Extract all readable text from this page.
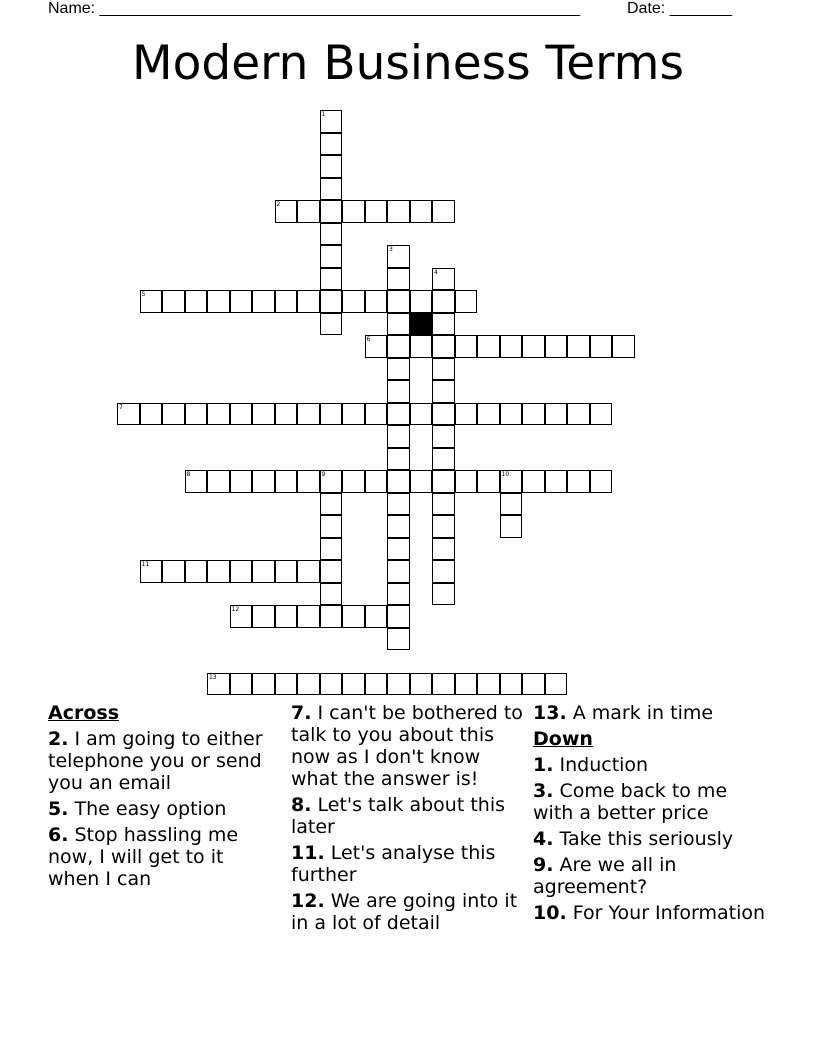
Name: ______________________________________________________	Date: _______
Modern Business Terms
1
2
3
4
5
6
7
8	9	10
11
12
13
Across
2. I am going to either telephone you or send you an email
5. The easy option
6. Stop hassling me now, I will get to it when I can
7. I can't be bothered to talk to you about this now as I don't know what the answer is!
8. Let's talk about this later
11. Let's analyse this further
12. We are going into it in a lot of detail
13. A mark in time
Down
1. Induction
3. Come back to me with a better price
4. Take this seriously
9. Are we all in agreement?
10. For Your Information
